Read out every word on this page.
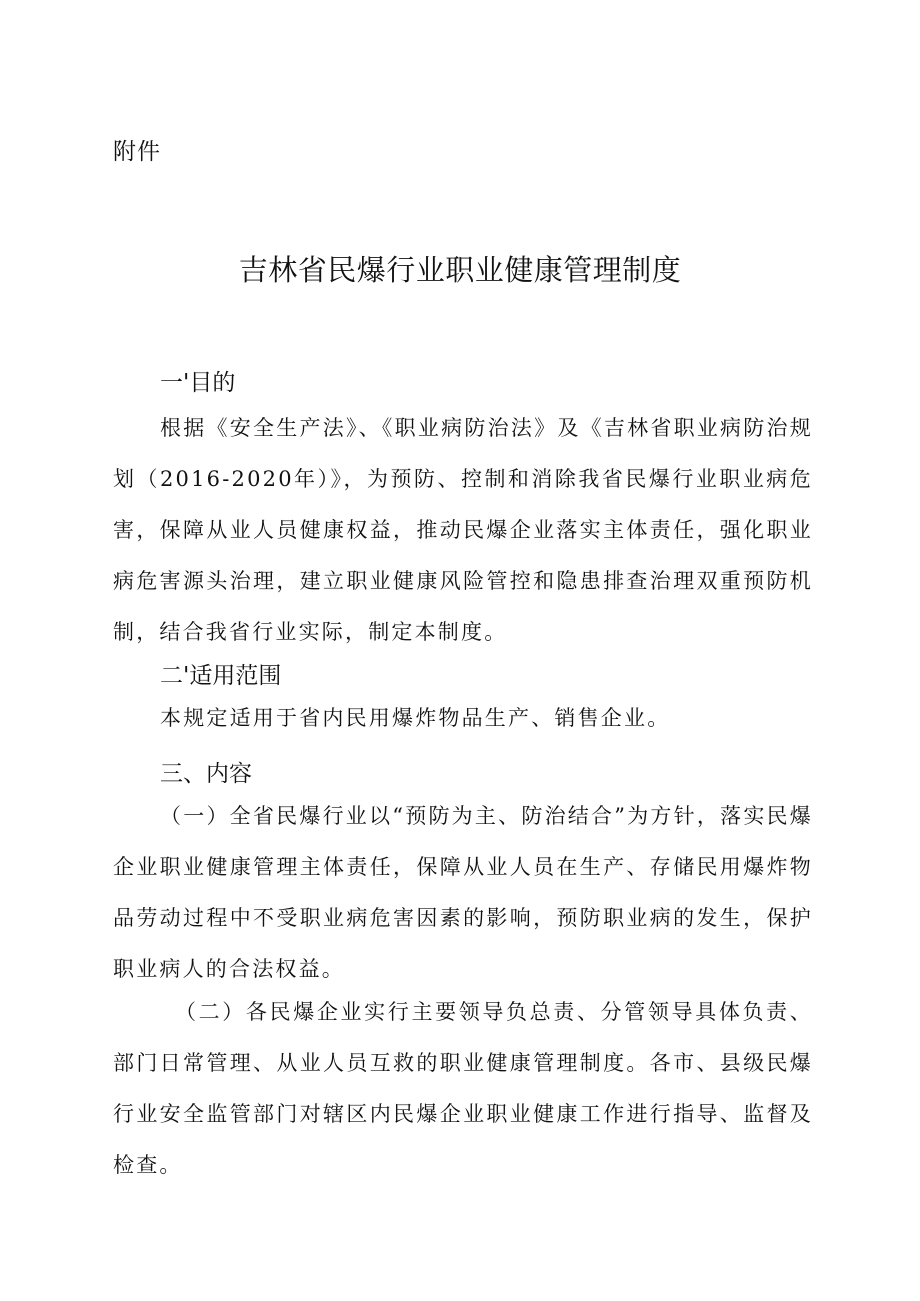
附件
吉林省民爆行业职业健康管理制度
一'目的

根据《安全生产法》、《职业病防治法》及《吉林省职业病防治规划（2016-2020年）》，为预防、控制和消除我省民爆行业职业病危害，保障从业人员健康权益，推动民爆企业落实主体责任，强化职业病危害源头治理，建立职业健康风险管控和隐患排查治理双重预防机制，结合我省行业实际，制定本制度。

二'适用范围

本规定适用于省内民用爆炸物品生产、销售企业。

三、内容

（一）全省民爆行业以“预防为主、防治结合”为方针，落实民爆企业职业健康管理主体责任，保障从业人员在生产、存储民用爆炸物品劳动过程中不受职业病危害因素的影响，预防职业病的发生，保护职业病人的合法权益。

（二）各民爆企业实行主要领导负总责、分管领导具体负责、部门日常管理、从业人员互救的职业健康管理制度。各市、县级民爆行业安全监管部门对辖区内民爆企业职业健康工作进行指导、监督及检查。
